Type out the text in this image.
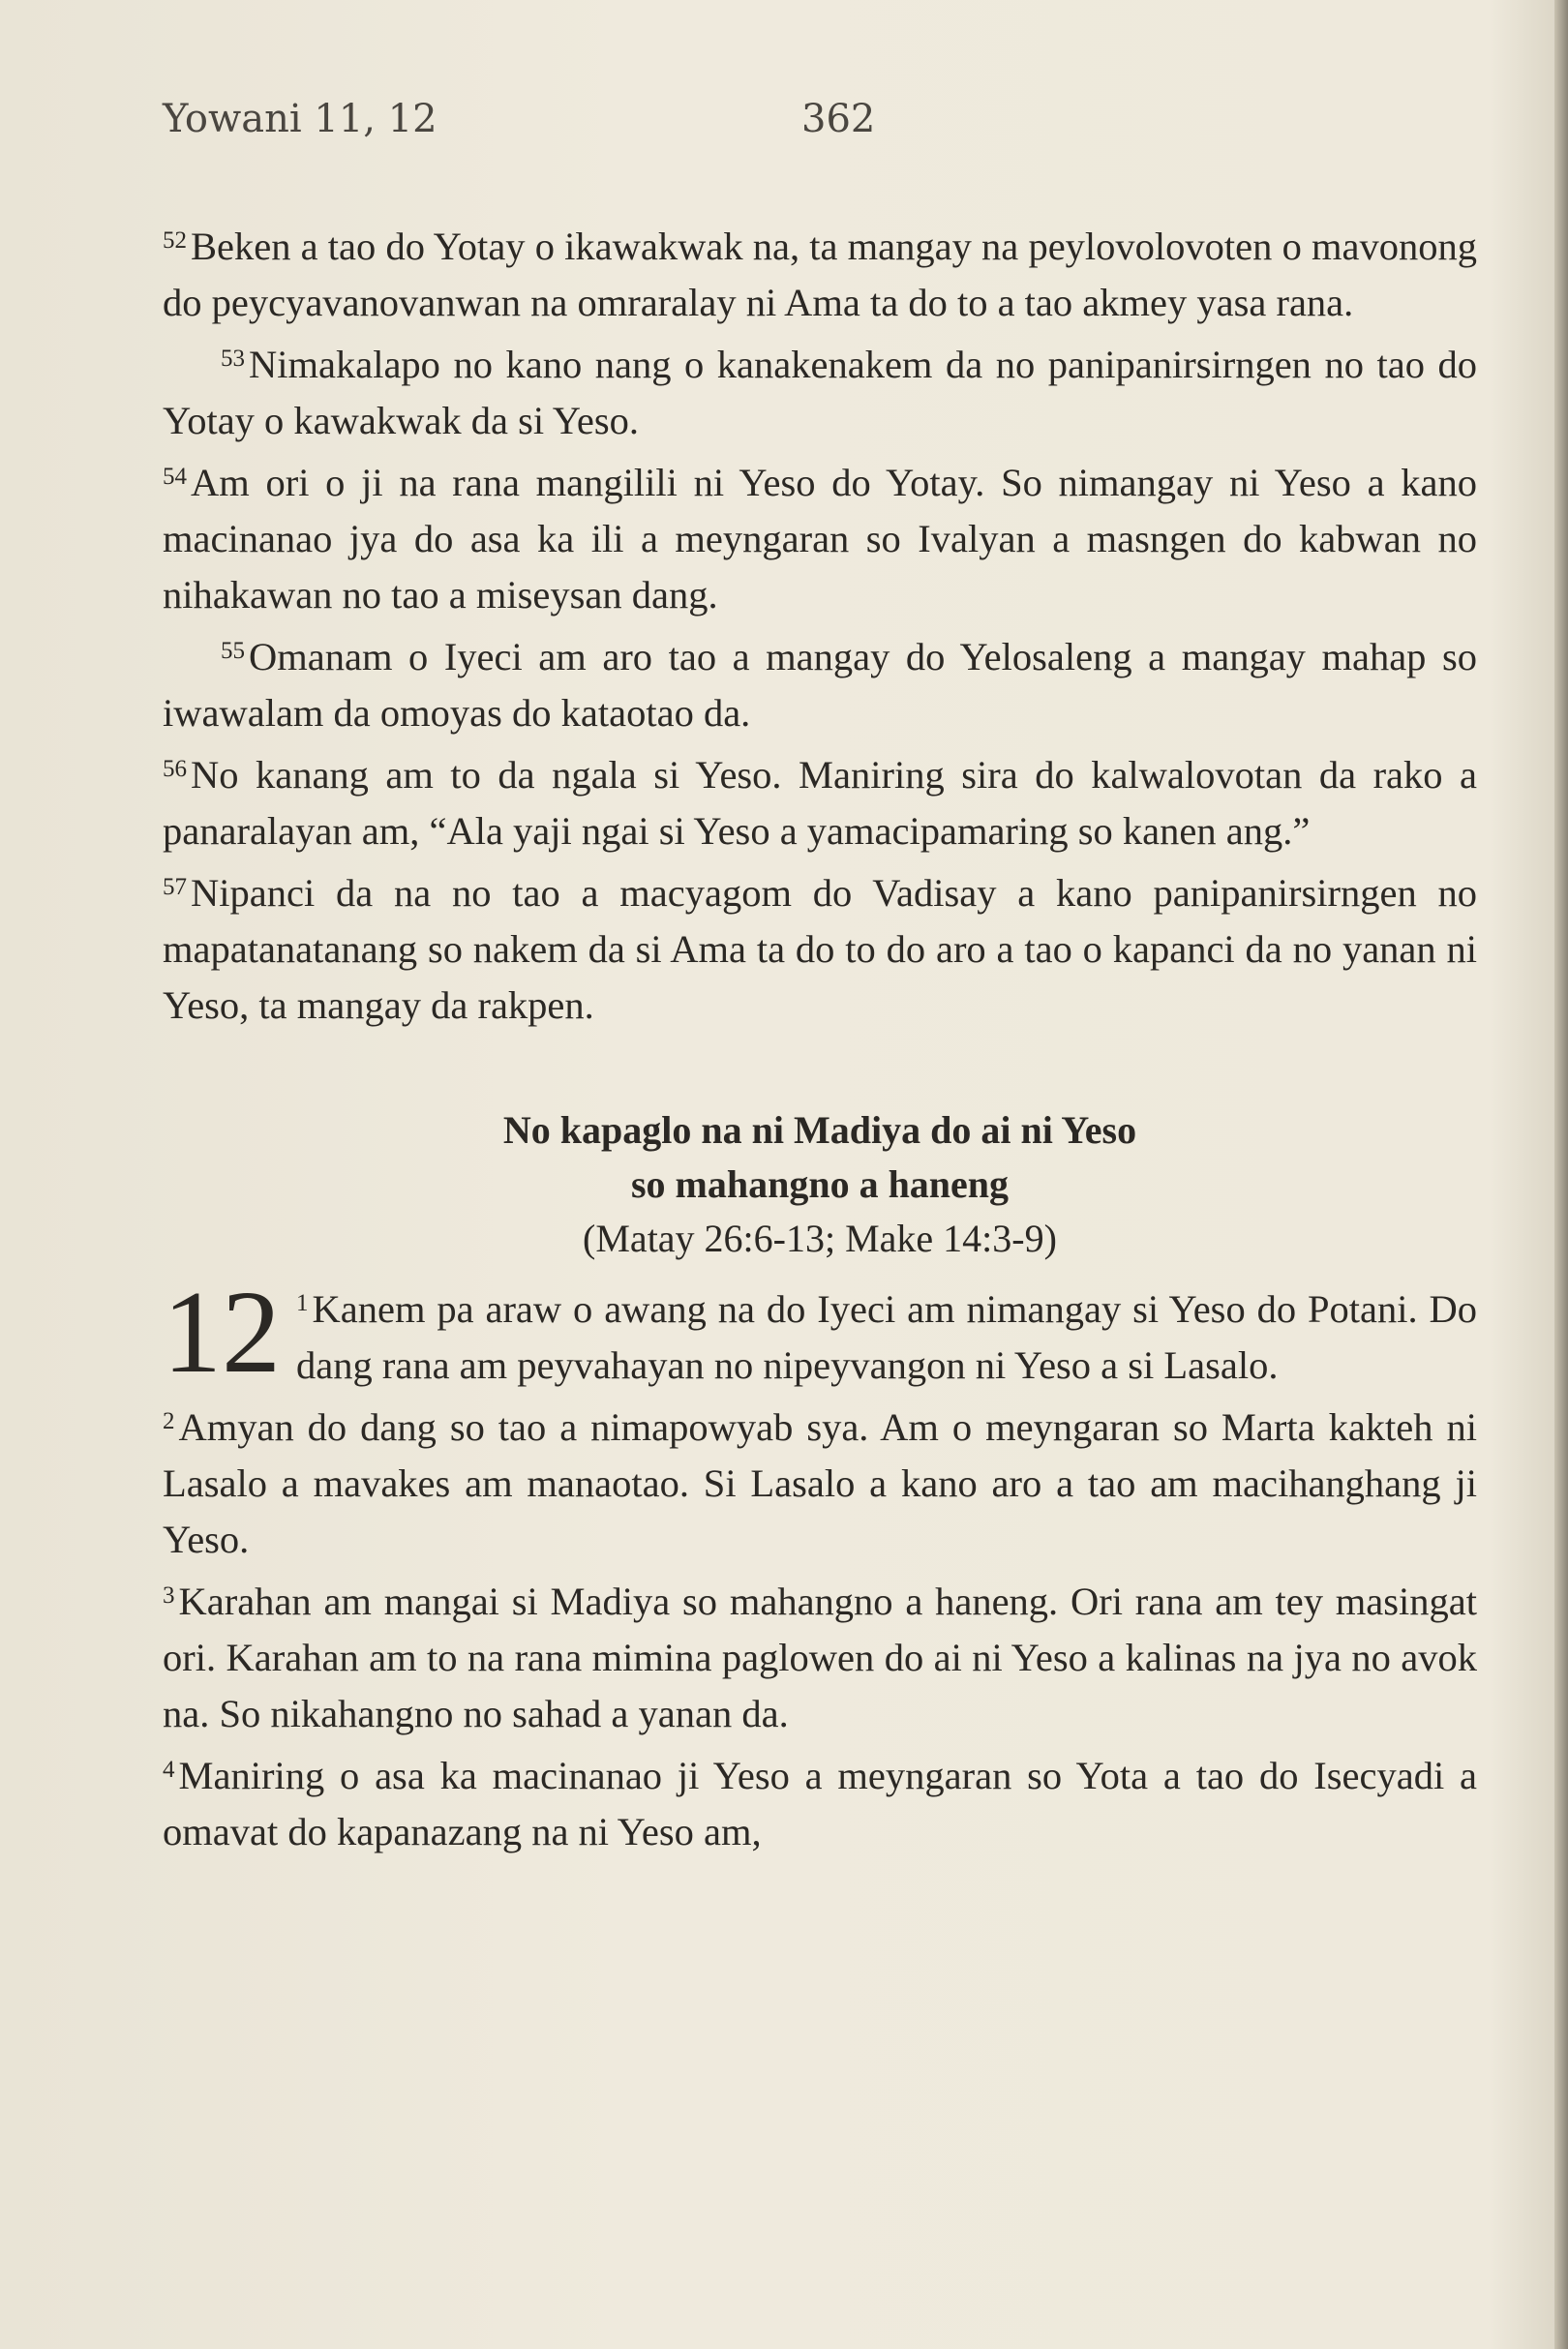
Yowani 11, 12	362

$^{52}$Beken a tao do Yotay o ikawakwak na, ta mangay na peylovolovoten o mavonong do peycyavanovanwan na omraralay ni Ama ta do to a tao akmey yasa rana.

$^{53}$Nimakalapo no kano nang o kanakenakem da no panipanirsirngen no tao do Yotay o kawakwak da si Yeso.

$^{54}$Am ori o ji na rana mangilili ni Yeso do Yotay. So nimangay ni Yeso a kano macinanao jya do asa ka ili a meyngaran so Ivalyan a masngen do kabwan no nihakawan no tao a miseysan dang.

$^{55}$Omanam o Iyeci am aro tao a mangay do Yelosaleng a mangay mahap so iwawalam da omoyas do kataotao da.

$^{56}$No kanang am to da ngala si Yeso. Maniring sira do kalwalovotan da rako a panaralayan am, “Ala yaji ngai si Yeso a yamacipamaring so kanen ang.”

$^{57}$Nipanci da na no tao a macyagom do Vadisay a kano panipanirsirngen no mapatanatanang so nakem da si Ama ta do to do aro a tao o kapanci da no yanan ni Yeso, ta mangay da rakpen.

No kapaglo na ni Madiya do ai ni Yeso
so mahangno a haneng
(Matay 26:6-13; Make 14:3-9)
12 $^1$Kanem pa araw o awang na do Iyeci am nimangay si Yeso do Potani. Do dang rana am peyvahayan no nipeyvangon ni Yeso a si Lasalo.

$^2$Amyan do dang so tao a nimapowyab sya. Am o meyngaran so Marta kakteh ni Lasalo a mavakes am manaotao. Si Lasalo a kano aro a tao am macihanghang ji Yeso.

$^3$Karahan am mangai si Madiya so mahangno a haneng. Ori rana am tey masingat ori. Karahan am to na rana mimina paglowen do ai ni Yeso a kalinas na jya no avok na. So nikahangno no sahad a yanan da.

$^4$Maniring o asa ka macinanao ji Yeso a meyngaran so Yota a tao do Isecyadi a omavat do kapanazang na ni Yeso am,
